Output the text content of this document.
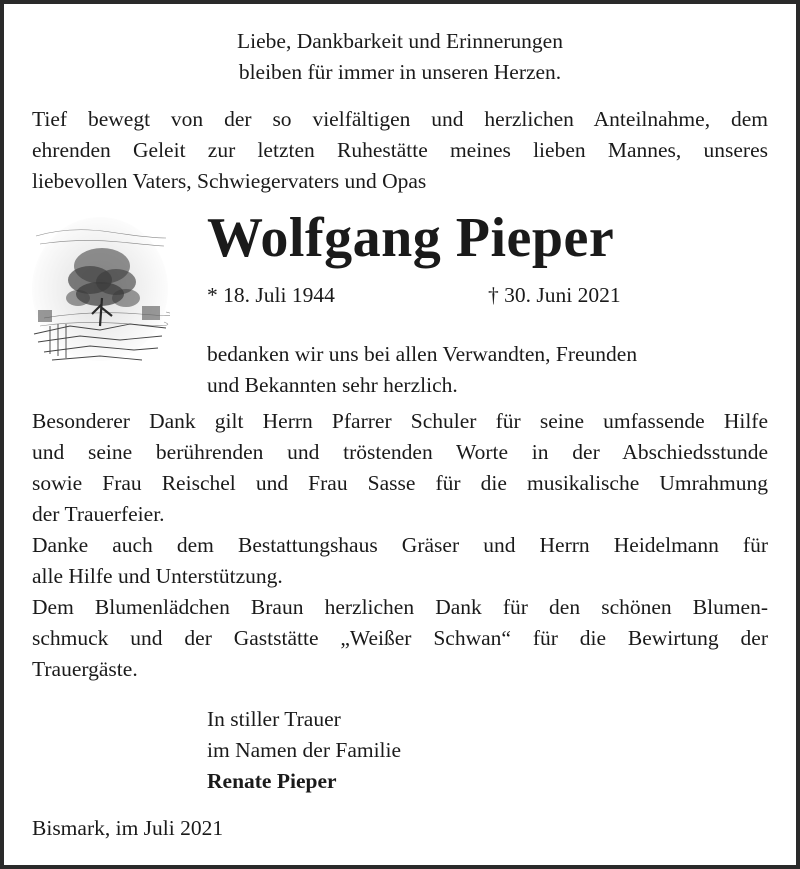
Liebe, Dankbarkeit und Erinnerungen
bleiben für immer in unseren Herzen.
Tief bewegt von der so vielfältigen und herzlichen Anteilnahme, dem
ehrenden Geleit zur letzten Ruhestätte meines lieben Mannes, unseres
liebevollen Vaters, Schwiegervaters und Opas
Wolfgang Pieper
* 18. Juli 1944	† 30. Juni 2021
bedanken wir uns bei allen Verwandten, Freunden
und Bekannten sehr herzlich.
Besonderer Dank gilt Herrn Pfarrer Schuler für seine umfassende Hilfe
und seine berührenden und tröstenden Worte in der Abschiedsstunde
sowie Frau Reischel und Frau Sasse für die musikalische Umrahmung
der Trauerfeier.
Danke auch dem Bestattungshaus Gräser und Herrn Heidelmann für
alle Hilfe und Unterstützung.
Dem Blumenlädchen Braun herzlichen Dank für den schönen Blumen-
schmuck und der Gaststätte „Weißer Schwan“ für die Bewirtung der
Trauergäste.
In stiller Trauer
im Namen der Familie
Renate Pieper
Bismark, im Juli 2021
